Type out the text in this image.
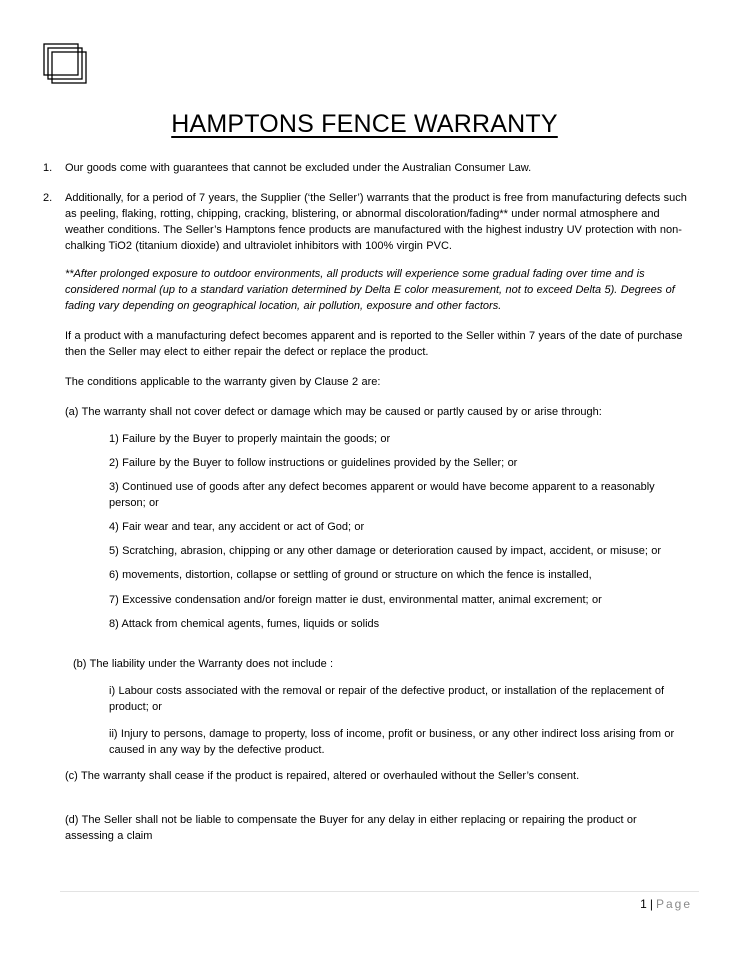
HAMPTONS FENCE WARRANTY
1. Our goods come with guarantees that cannot be excluded under the Australian Consumer Law.

2. Additionally, for a period of 7 years, the Supplier (‘the Seller’) warrants that the product is free from manufacturing defects such as peeling, flaking, rotting, chipping, cracking, blistering, or abnormal discoloration/fading** under normal atmosphere and weather conditions. The Seller’s Hamptons fence products are manufactured with the highest industry UV protection with non-chalking TiO2 (titanium dioxide) and ultraviolet inhibitors with 100% virgin PVC.

**After prolonged exposure to outdoor environments, all products will experience some gradual fading over time and is considered normal (up to a standard variation determined by Delta E color measurement, not to exceed Delta 5). Degrees of fading vary depending on geographical location, air pollution, exposure and other factors.

If a product with a manufacturing defect becomes apparent and is reported to the Seller within 7 years of the date of purchase then the Seller may elect to either repair the defect or replace the product.

The conditions applicable to the warranty given by Clause 2 are:

(a) The warranty shall not cover defect or damage which may be caused or partly caused by or arise through:

1) Failure by the Buyer to properly maintain the goods; or

2) Failure by the Buyer to follow instructions or guidelines provided by the Seller; or

3) Continued use of goods after any defect becomes apparent or would have become apparent to a reasonably person; or

4) Fair wear and tear, any accident or act of God; or

5) Scratching, abrasion, chipping or any other damage or deterioration caused by impact, accident, or misuse; or

6) movements, distortion, collapse or settling of ground or structure on which the fence is installed,

7) Excessive condensation and/or foreign matter ie dust, environmental matter, animal excrement; or

8) Attack from chemical agents, fumes, liquids or solids

(b) The liability under the Warranty does not include :

i) Labour costs associated with the removal or repair of the defective product, or installation of the replacement of product; or

ii) Injury to persons, damage to property, loss of income, profit or business, or any other indirect loss arising from or caused in any way by the defective product.

(c) The warranty shall cease if the product is repaired, altered or overhauled without the Seller’s consent.

(d) The Seller shall not be liable to compensate the Buyer for any delay in either replacing or repairing the product or assessing a claim

1 | Page
